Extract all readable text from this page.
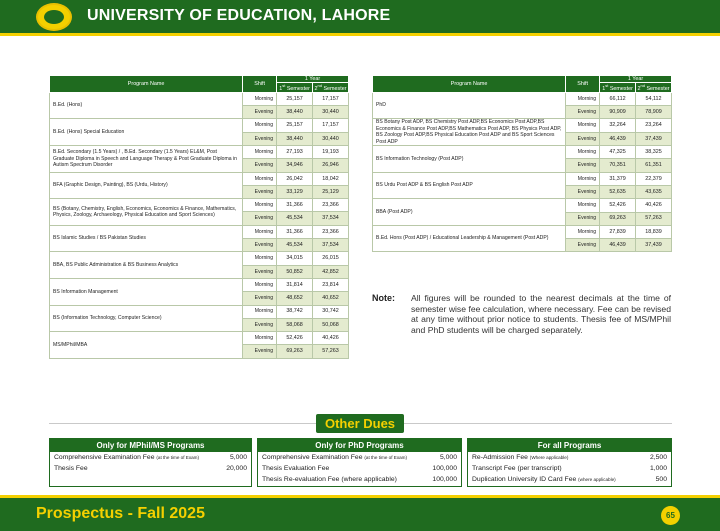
UNIVERSITY OF EDUCATION, LAHORE
Program Name	Shift	1 Year	
		1st Semester	2nd Semester
B.Ed. (Hons)	Morning	25,157	17,157
	Evening	38,440	30,440
B.Ed. (Hons) Special Education	Morning	25,157	17,157
	Evening	38,440	30,440
B.Ed. Secondary (1.5 Years) / , B.Ed. Secondary (1.5 Years) EL&M, Post Graduate Diploma in Speech and Language Therapy & Post Graduate Diploma in Autism Spectrum Disorder	Morning	27,193	19,193
	Evening	34,946	26,946
BFA (Graphic Design, Painting), BS (Urdu, History)	Morning	26,042	18,042
	Evening	33,129	25,129
BS (Botany, Chemistry, English, Economics, Economics & Finance, Mathematics, Physics, Zoology, Archaeology, Physical Education and Sport Sciences)	Morning	31,366	23,366
	Evening	45,534	37,534
BS Islamic Studies / BS Pakistan Studies	Morning	31,366	23,366
	Evening	45,534	37,534
BBA, BS Public Administration & BS Business Analytics	Morning	34,015	26,015
	Evening	50,852	42,852
BS Information Management	Morning	31,814	23,814
	Evening	48,652	40,652
BS (Information Technology, Computer Science)	Morning	38,742	30,742
	Evening	58,068	50,068
MS/MPhil/MBA	Morning	52,426	40,426
	Evening	69,263	57,263
Program Name	Shift	1 Year	
		1st Semester	2nd Semester
PhD	Morning	66,112	54,112
	Evening	90,909	78,909
BS Botany Post ADP, BS Chemistry Post ADP,BS Economics Post ADP,BS Economics & Finance Post ADP,BS Mathematics Post ADP, BS Physics Post ADP, BS Zoology Post ADP,BS Physical Education Post ADP and BS Sport Sciences Post ADP	Morning	32,264	23,264
	Evening	46,439	37,439
BS Information Technology (Post ADP)	Morning	47,325	38,325
	Evening	70,351	61,351
BS Urdu Post ADP & BS English Post ADP	Morning	31,379	22,379
	Evening	52,635	43,635
BBA (Post ADP)	Morning	52,426	40,426
	Evening	69,263	57,263
B.Ed. Hons (Post ADP) / Educational Leadership & Management (Post ADP)	Morning	27,839	18,839
	Evening	46,439	37,439
Note: All figures will be rounded to the nearest decimals at the time of semester wise fee calculation, where necessary. Fee can be revised at any time without prior notice to students. Thesis fee of MS/MPhil and PhD students will be charged separately.
Other Dues
Only for MPhil/MS Programs
Comprehensive Examination Fee (at the time of Exam)	5,000
Thesis Fee	20,000
Only for PhD Programs
Comprehensive Examination Fee (at the time of Exam)	5,000
Thesis Evaluation Fee	100,000
Thesis Re-evaluation Fee (where applicable)	100,000
For all Programs
Re-Admission Fee (Where applicable)	2,500
Transcript Fee (per transcript)	1,000
Duplication University ID Card Fee (where applicable)	500
Prospectus - Fall 2025	65
